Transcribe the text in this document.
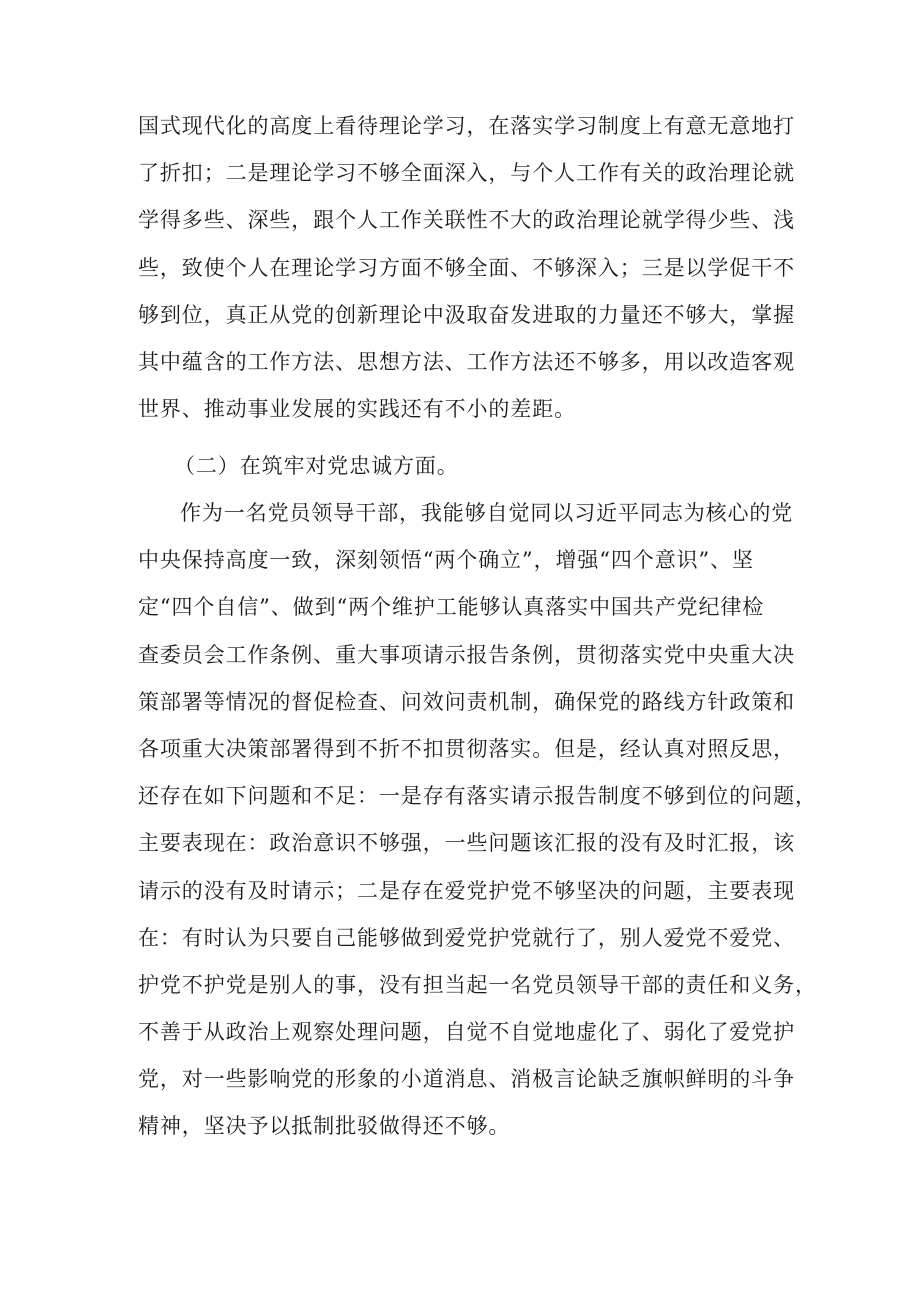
国式现代化的高度上看待理论学习，在落实学习制度上有意无意地打
了折扣；二是理论学习不够全面深入，与个人工作有关的政治理论就
学得多些、深些，跟个人工作关联性不大的政治理论就学得少些、浅
些，致使个人在理论学习方面不够全面、不够深入；三是以学促干不
够到位，真正从党的创新理论中汲取奋发进取的力量还不够大，掌握
其中蕴含的工作方法、思想方法、工作方法还不够多，用以改造客观
世界、推动事业发展的实践还有不小的差距。
（二）在筑牢对党忠诚方面。
作为一名党员领导干部，我能够自觉同以习近平同志为核心的党
中央保持高度一致，深刻领悟“两个确立”，增强“四个意识”、坚
定“四个自信”、做到“两个维护工能够认真落实中国共产党纪律检
查委员会工作条例、重大事项请示报告条例，贯彻落实党中央重大决
策部署等情况的督促检查、问效问责机制，确保党的路线方针政策和
各项重大决策部署得到不折不扣贯彻落实。但是，经认真对照反思，
还存在如下问题和不足：一是存有落实请示报告制度不够到位的问题，
主要表现在：政治意识不够强，一些问题该汇报的没有及时汇报，该
请示的没有及时请示；二是存在爱党护党不够坚决的问题，主要表现
在：有时认为只要自己能够做到爱党护党就行了，别人爱党不爱党、
护党不护党是别人的事，没有担当起一名党员领导干部的责任和义务，
不善于从政治上观察处理问题，自觉不自觉地虚化了、弱化了爱党护
党，对一些影响党的形象的小道消息、消极言论缺乏旗帜鲜明的斗争
精神，坚决予以抵制批驳做得还不够。
